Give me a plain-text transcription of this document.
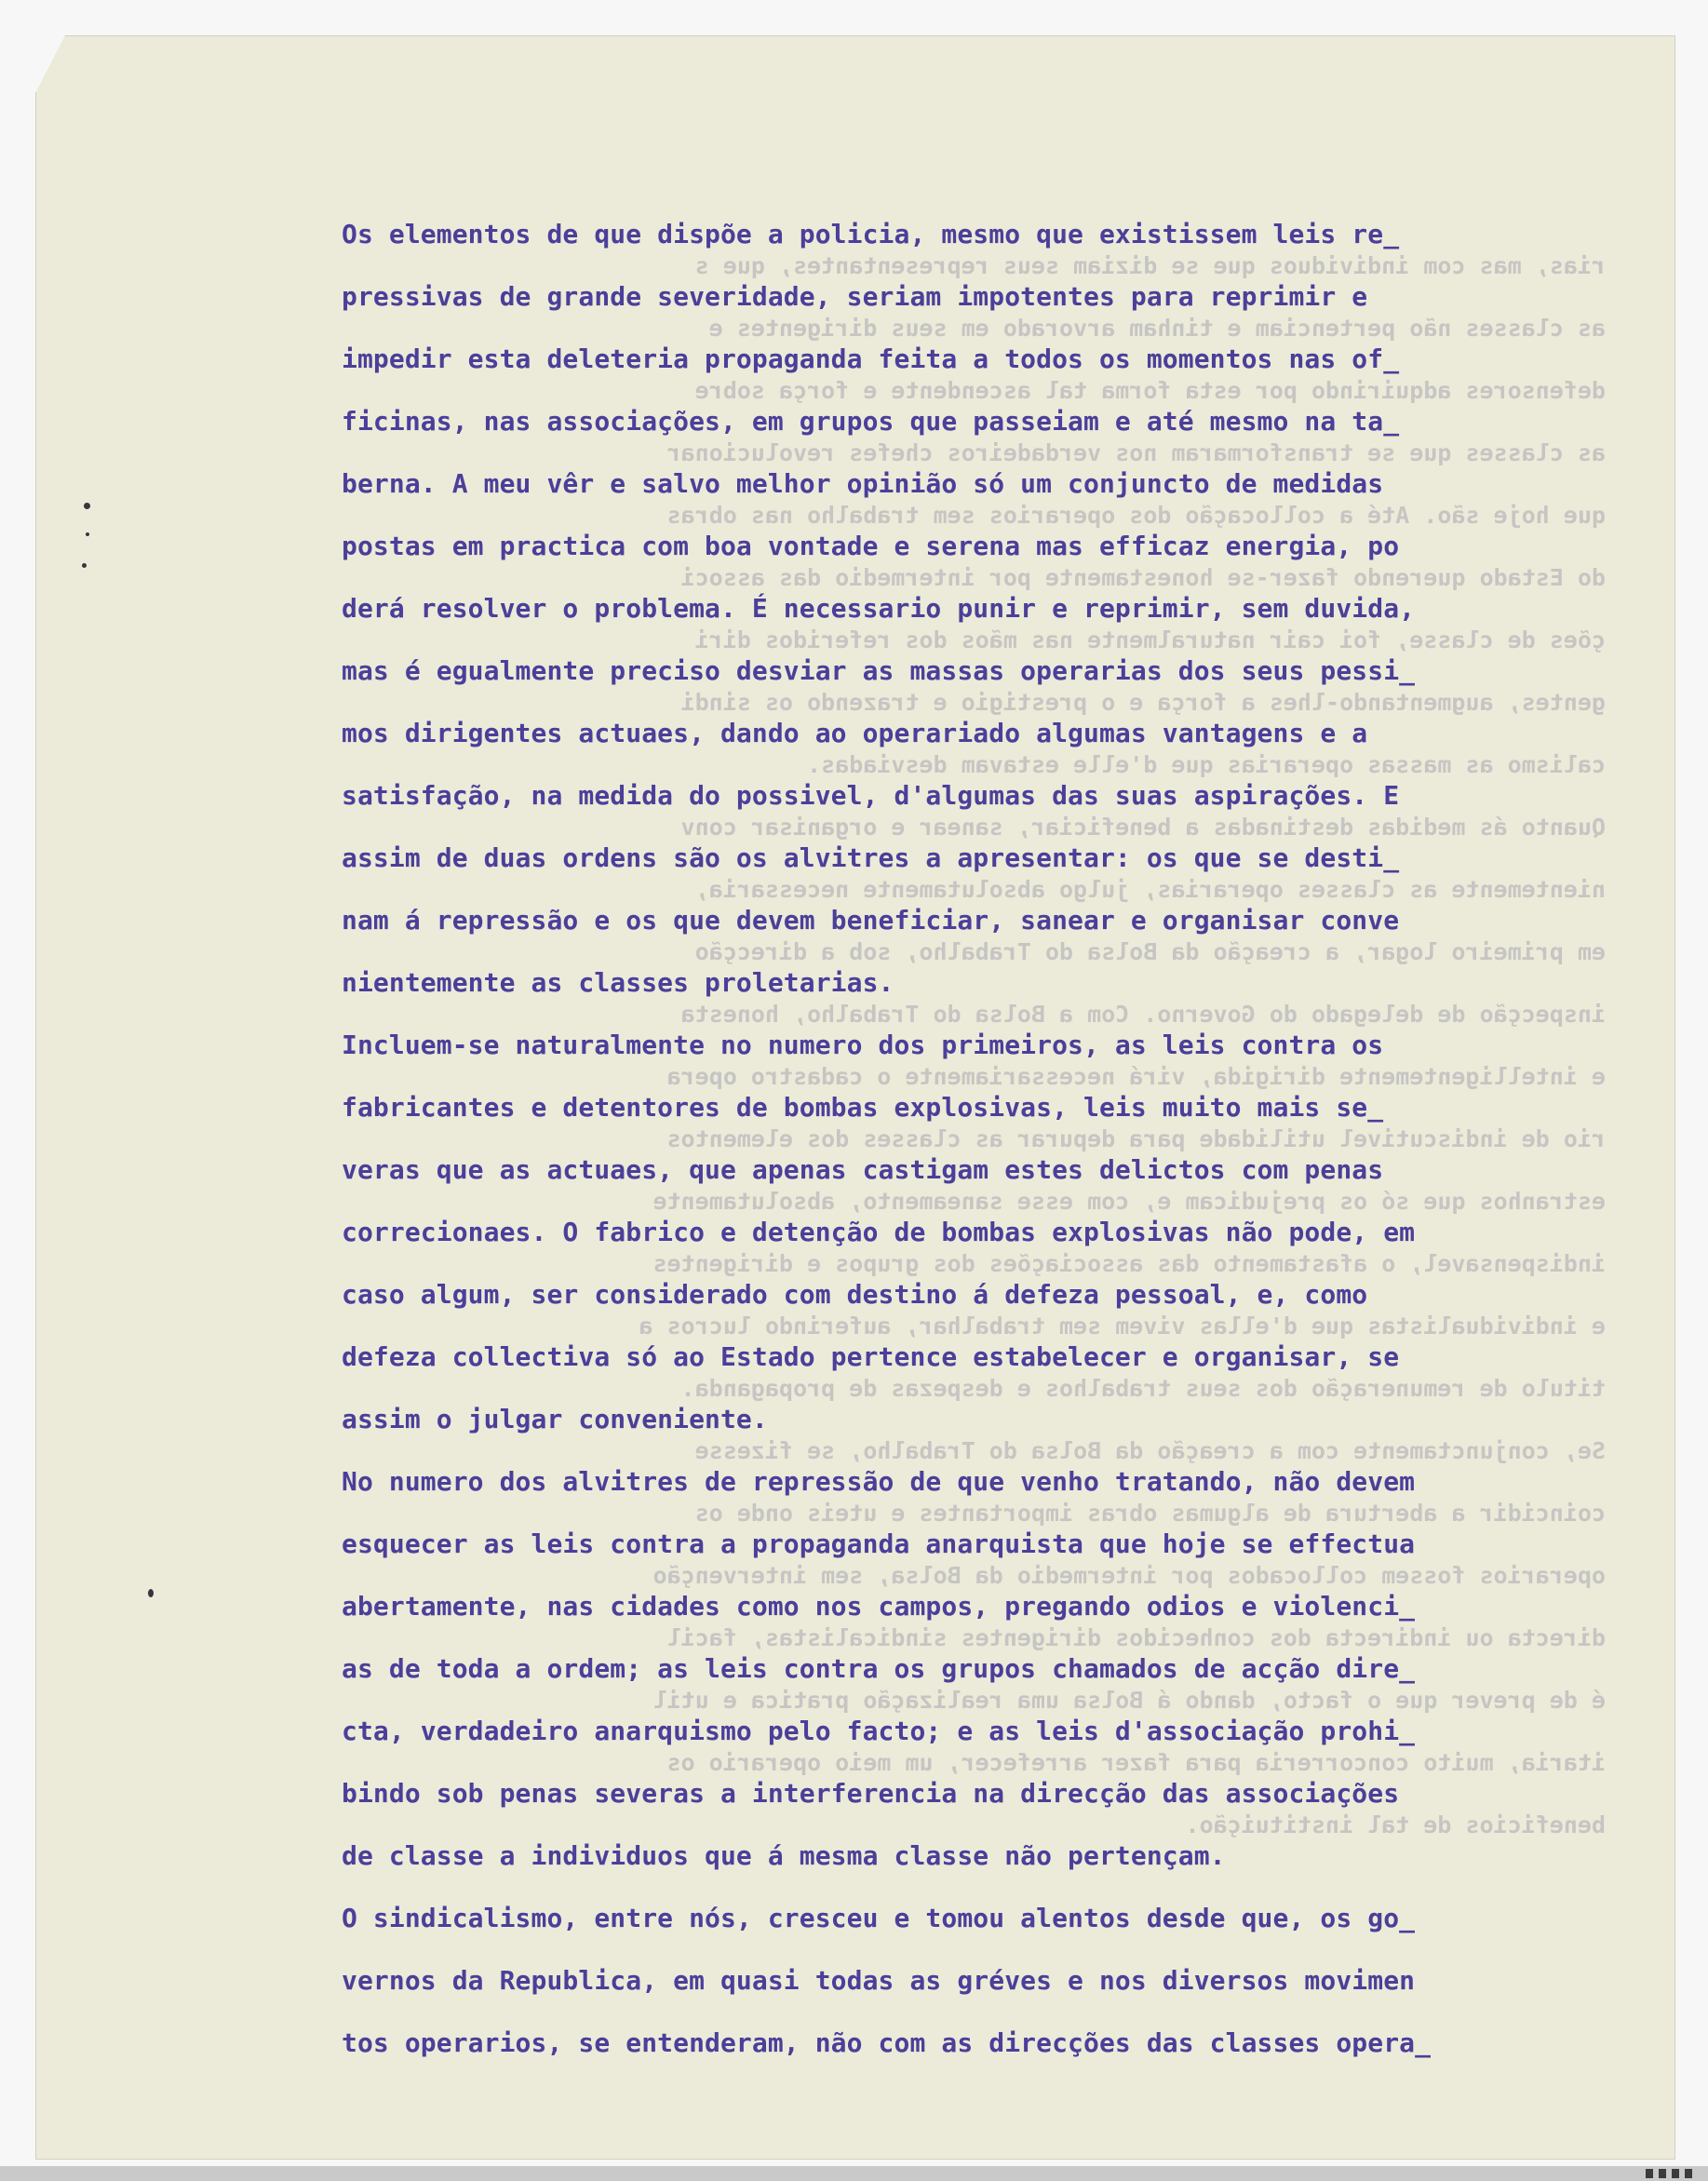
rias, mas com individuos que se diziam seus representantes, que s
as classes não pertenciam e tinham arvorado em seus dirigentes e
defensores adquirindo por esta forma tal ascendente e força sobre
as classes que se transformaram nos verdadeiros chefes revolucionar
que hoje são. Até a collocação dos operarios sem trabalho nas obras
do Estado querendo fazer-se honestamente por intermedio das associ
ções de classe, foi cair naturalmente nas mãos dos referidos diri
gentes, augmentando-lhes a força e o prestigio e trazendo os sindi
calismo as massas operarias que d'elle estavam desviadas.
Quanto ás medidas destinadas a beneficiar, sanear e organisar conv
nientemente as classes operarias, julgo absolutamente necessaria,
em primeiro logar, a creação da Bolsa do Trabalho, sob a direcção
inspecção de delegado do Governo. Com a Bolsa do Trabalho, honesta
e intelligentemente dirigida, virá necessariamente o cadastro opera
rio de indiscutivel utilidade para depurar as classes dos elementos
estranhos que só os prejudicam e, com esse saneamento, absolutamente
indispensavel, o afastamento das associações dos grupos e dirigentes
e individualistas que d'ellas vivem sem trabalhar, auferindo lucros a
titulo de remuneração dos seus trabalhos e despezas de propaganda.
Se, conjunctamente com a creação da Bolsa do Trabalho, se fizesse
coincidir a abertura de algumas obras importantes e uteis onde os
operarios fossem collocados por intermedio da Bolsa, sem intervenção
directa ou indirecta dos conhecidos dirigentes sindicalistas, facil
é de prever que o facto, dando á Bolsa uma realização pratica e util
itaria, muito concorreria para fazer arrefecer, um meio operario os
beneficios de tal instituição.
Os elementos de que dispõe a policia, mesmo que existissem leis re_
pressivas de grande severidade, seriam impotentes para reprimir e
impedir esta deleteria propaganda feita a todos os momentos nas of_
ficinas, nas associações, em grupos que passeiam e até mesmo na ta_
berna. A meu vêr e salvo melhor opinião só um conjuncto de medidas
postas em practica com boa vontade e serena mas efficaz energia, po
derá resolver o problema. É necessario punir e reprimir, sem duvida,
mas é egualmente preciso desviar as massas operarias dos seus pessi_
mos dirigentes actuaes, dando ao operariado algumas vantagens e a
satisfação, na medida do possivel, d'algumas das suas aspirações. E
assim de duas ordens são os alvitres a apresentar: os que se desti_
nam á repressão e os que devem beneficiar, sanear e organisar conve
nientemente as classes proletarias.
Incluem-se naturalmente no numero dos primeiros, as leis contra os
fabricantes e detentores de bombas explosivas, leis muito mais se_
veras que as actuaes, que apenas castigam estes delictos com penas
correcionaes. O fabrico e detenção de bombas explosivas não pode, em
caso algum, ser considerado com destino á defeza pessoal, e, como
defeza collectiva só ao Estado pertence estabelecer e organisar, se
assim o julgar conveniente.
No numero dos alvitres de repressão de que venho tratando, não devem
esquecer as leis contra a propaganda anarquista que hoje se effectua
abertamente, nas cidades como nos campos, pregando odios e violenci_
as de toda a ordem; as leis contra os grupos chamados de acção dire_
cta, verdadeiro anarquismo pelo facto; e as leis d'associação prohi_
bindo sob penas severas a interferencia na direcção das associações
de classe a individuos que á mesma classe não pertençam.
O sindicalismo, entre nós, cresceu e tomou alentos desde que, os go_
vernos da Republica, em quasi todas as gréves e nos diversos movimen
tos operarios, se entenderam, não com as direcções das classes opera_
